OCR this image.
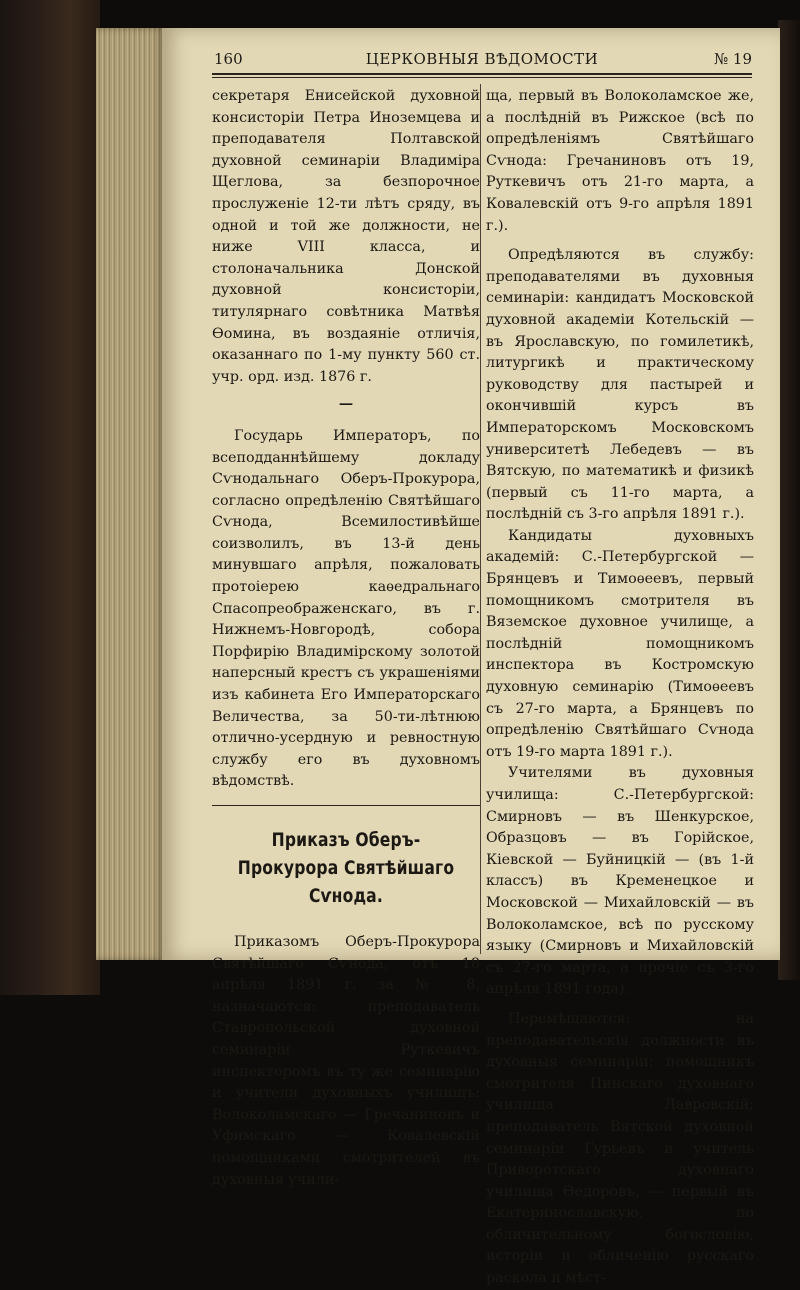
160	ЦЕРКОВНЫЯ ВѢДОМОСТИ	№ 19

секретаря Енисейской духовной консисторіи Петра Иноземцева и преподавателя Полтавской духовной семинаріи Владиміра Щеглова, за безпорочное прослуженіе 12-ти лѣтъ сряду, въ одной и той же должности, не ниже VIII класса, и столоначальника Донской духовной консисторіи, титулярнаго совѣтника Матвѣя Ѳомина, въ воздаяніе отличія, оказаннаго по 1-му пункту 560 ст. учр. орд. изд. 1876 г.

—

Государь Императоръ, по всеподданнѣйшему докладу Сѵнодальнаго Оберъ-Прокурора, согласно опредѣленію Святѣйшаго Сѵнода, Всемилостивѣйше соизволилъ, въ 13-й день минувшаго апрѣля, пожаловать протоіерею каѳедральнаго Спасопреображенскаго, въ г. Нижнемъ-Новгородѣ, собора Порфирію Владимірскому золотой наперсный крестъ съ украшеніями изъ кабинета Его Императорскаго Величества, за 50-ти-лѣтнюю отлично-усердную и ревностную службу его въ духовномъ вѣдомствѣ.

Приказъ Оберъ-Прокурора Святѣйшаго Сѵнода.

Приказомъ Оберъ-Прокурора Святѣйшаго Сѵнода, отъ 18 апрѣля 1891 г. за № 8, назначаются: преподаватель Ставропольской духовной семинаріи Руткевичъ инспекторомъ въ ту же семинарію и учители духовныхъ училищъ: Волоколамскаго — Гречаниновъ и Уфимскаго — Ковалевскій помощниками смотрителей въ духовныя учили-

ща, первый въ Волоколамское же, а послѣдній въ Рижское (всѣ по опредѣленіямъ Святѣйшаго Сѵнода: Гречаниновъ отъ 19, Руткевичъ отъ 21-го марта, а Ковалевскій отъ 9-го апрѣля 1891 г.).

Опредѣляются въ службу: преподавателями въ духовныя семинаріи: кандидатъ Московской духовной академіи Котельскій — въ Ярославскую, по гомилетикѣ, литургикѣ и практическому руководству для пастырей и окончившій курсъ въ Императорскомъ Московскомъ университетѣ Лебедевъ — въ Вятскую, по математикѣ и физикѣ (первый съ 11-го марта, а послѣдній съ 3-го апрѣля 1891 г.).

Кандидаты духовныхъ академій: С.-Петербургской — Брянцевъ и Тимоѳеевъ, первый помощникомъ смотрителя въ Вяземское духовное училище, а послѣдній помощникомъ инспектора въ Костромскую духовную семинарію (Тимоѳеевъ съ 27-го марта, а Брянцевъ по опредѣленію Святѣйшаго Сѵнода отъ 19-го марта 1891 г.).

Учителями въ духовныя училища: С.-Петербургской: Смирновъ — въ Шенкурское, Образцовъ — въ Горійское, Кіевской — Буйницкій — (въ 1-й классъ) въ Кременецкое и Московской — Михайловскій — въ Волоколамское, всѣ по русскому языку (Смирновъ и Михайловскій съ 27-го марта, а прочіе съ 3-го апрѣля 1891 года).

Перемѣщаются: на преподавательскія должности въ духовныя семинаріи: помощникъ смотрителя Пинскаго духовнаго училища Лавровскій; преподаватель Вятской духовной семинаріи Гурьевъ и учитель Приворотскаго духовнаго училища Ѳедоровъ, — первый въ Екатеринославскую, по обличительному богословію, исторіи и обличенію русскаго раскола и мѣст-
